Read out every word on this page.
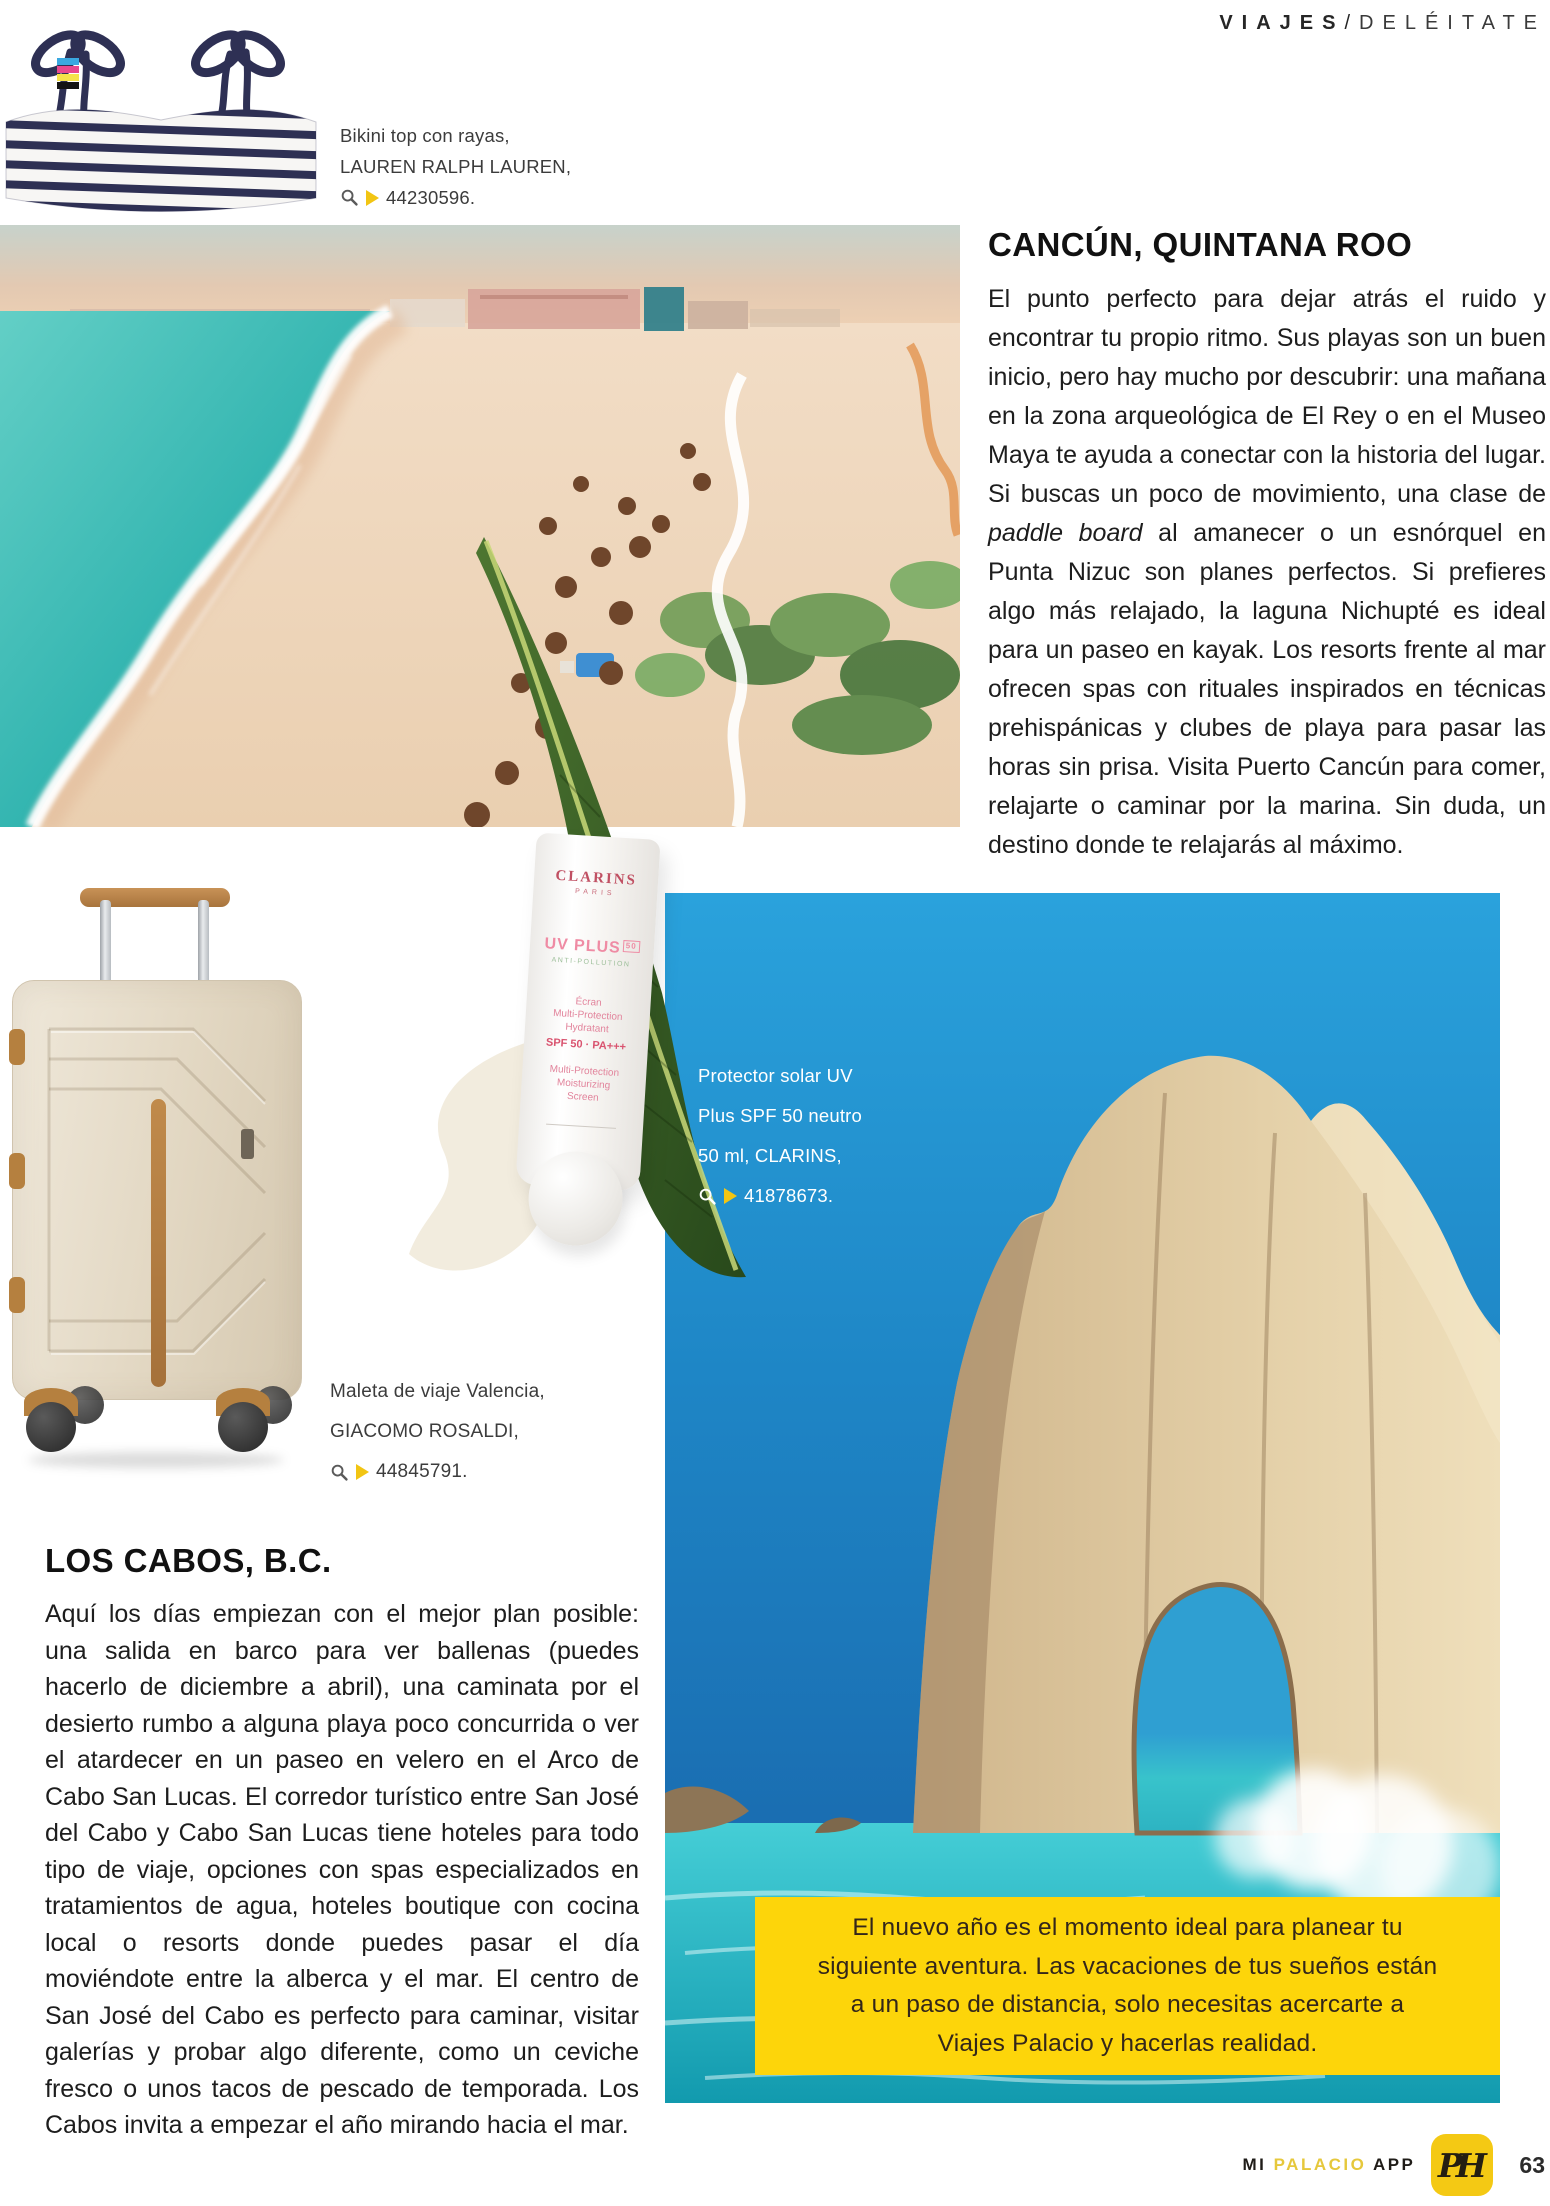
VIAJES/DELÉITATE
Bikini top con rayas,
LAUREN RALPH LAUREN,
44230596.
CANCÚN, QUINTANA ROO

El punto perfecto para dejar atrás el ruido y encontrar tu propio ritmo. Sus playas son un buen inicio, pero hay mucho por descubrir: una mañana en la zona arqueológica de El Rey o en el Museo Maya te ayuda a conectar con la historia del lugar. Si buscas un poco de movimiento, una clase de paddle board al amanecer o un esnórquel en Punta Nizuc son planes perfectos. Si prefieres algo más relajado, la laguna Nichupté es ideal para un paseo en kayak. Los resorts frente al mar ofrecen spas con rituales inspirados en técnicas prehispánicas y clubes de playa para pasar las horas sin prisa. Visita Puerto Cancún para comer, relajarte o caminar por la marina. Sin duda, un destino donde te relajarás al máximo.

CLARINS
PARIS
UV PLUS 50
ANTI-POLLUTION
Écran
Multi-Protection
Hydratant
SPF 50 · PA+++
Multi-Protection
Moisturizing
Screen
Protector solar UV
Plus SPF 50 neutro
50 ml, CLARINS,
41878673.
Maleta de viaje Valencia,
GIACOMO ROSALDI,
44845791.
LOS CABOS, B.C.

Aquí los días empiezan con el mejor plan posible: una salida en barco para ver ballenas (puedes hacerlo de diciembre a abril), una caminata por el desierto rumbo a alguna playa poco concurrida o ver el atardecer en un paseo en velero en el Arco de Cabo San Lucas. El corredor turístico entre San José del Cabo y Cabo San Lucas tiene hoteles para todo tipo de viaje, opciones con spas especializados en tratamientos de agua, hoteles boutique con cocina local o resorts donde puedes pasar el día moviéndote entre la alberca y el mar. El centro de San José del Cabo es perfecto para caminar, visitar galerías y probar algo diferente, como un ceviche fresco o unos tacos de pescado de temporada. Los Cabos invita a empezar el año mirando hacia el mar.

El nuevo año es el momento ideal para planear tu
siguiente aventura. Las vacaciones de tus sueños están
a un paso de distancia, solo necesitas acercarte a
Viajes Palacio y hacerlas realidad.
MI PALACIO APP PH	63
